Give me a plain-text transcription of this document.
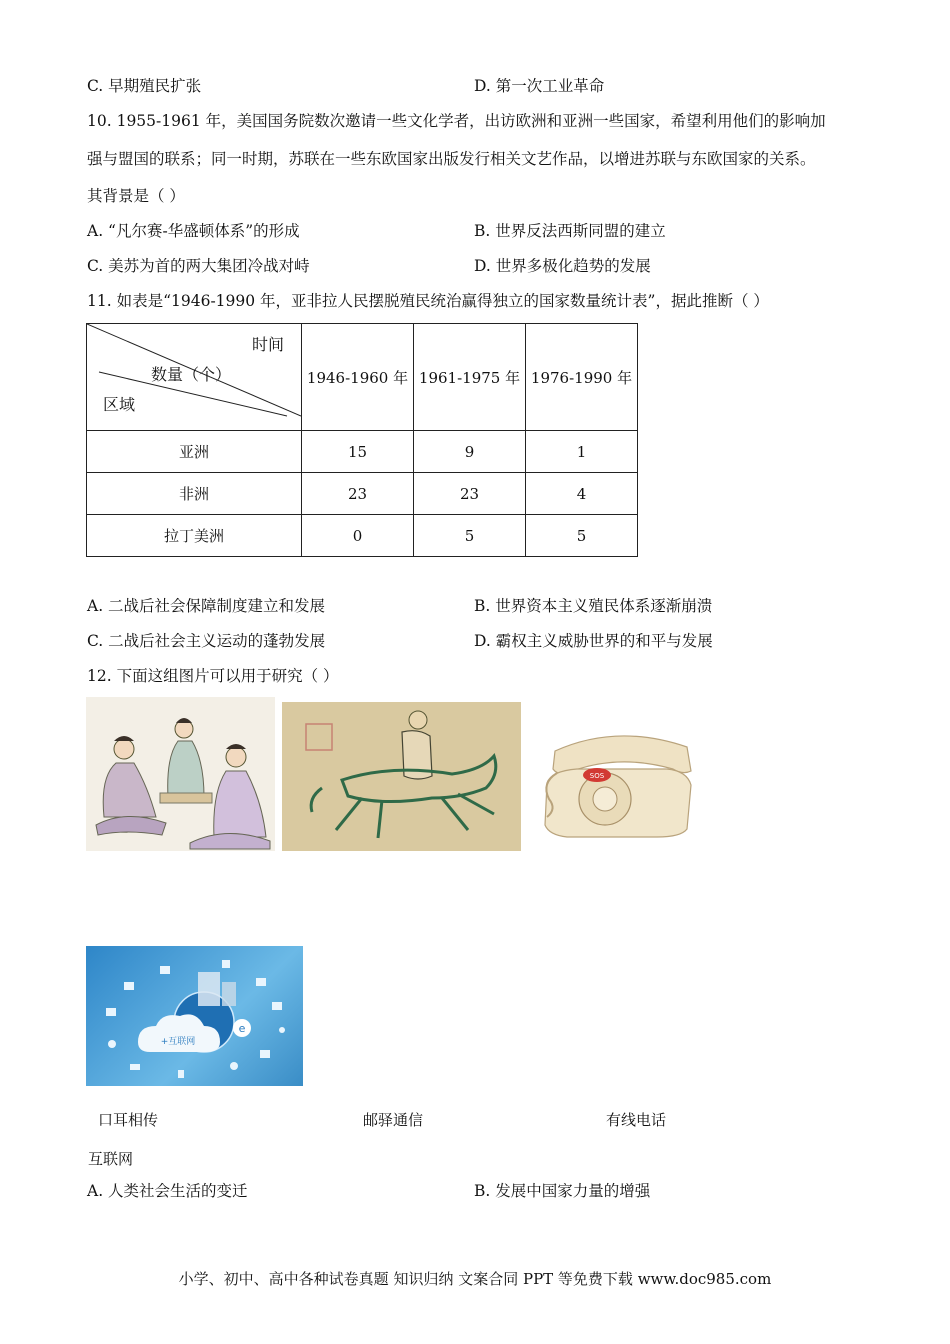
C. 早期殖民扩张	D. 第一次工业革命
10. 1955-1961 年，美国国务院数次邀请一些文化学者，出访欧洲和亚洲一些国家，希望利用他们的影响加
强与盟国的联系；同一时期，苏联在一些东欧国家出版发行相关文艺作品，以增进苏联与东欧国家的关系。
其背景是（ ）
A. “凡尔赛-华盛顿体系”的形成	B. 世界反法西斯同盟的建立
C. 美苏为首的两大集团冷战对峙	D. 世界多极化趋势的发展
11. 如表是“1946-1990 年，亚非拉人民摆脱殖民统治赢得独立的国家数量统计表”，据此推断（ ）
时间
数量（个）
区域	1946-1960 年	1961-1975 年	1976-1990 年
亚洲	15	9	1
非洲	23	23	4
拉丁美洲	0	5	5
A. 二战后社会保障制度建立和发展	B. 世界资本主义殖民体系逐渐崩溃
C. 二战后社会主义运动的蓬勃发展	D. 霸权主义威胁世界的和平与发展
12. 下面这组图片可以用于研究（ ）
SOS
+互联网
e
口耳相传	邮驿通信	有线电话
互联网
A. 人类社会生活的变迁	B. 发展中国家力量的增强
小学、初中、高中各种试卷真题 知识归纳 文案合同 PPT 等免费下载 www.doc985.com
